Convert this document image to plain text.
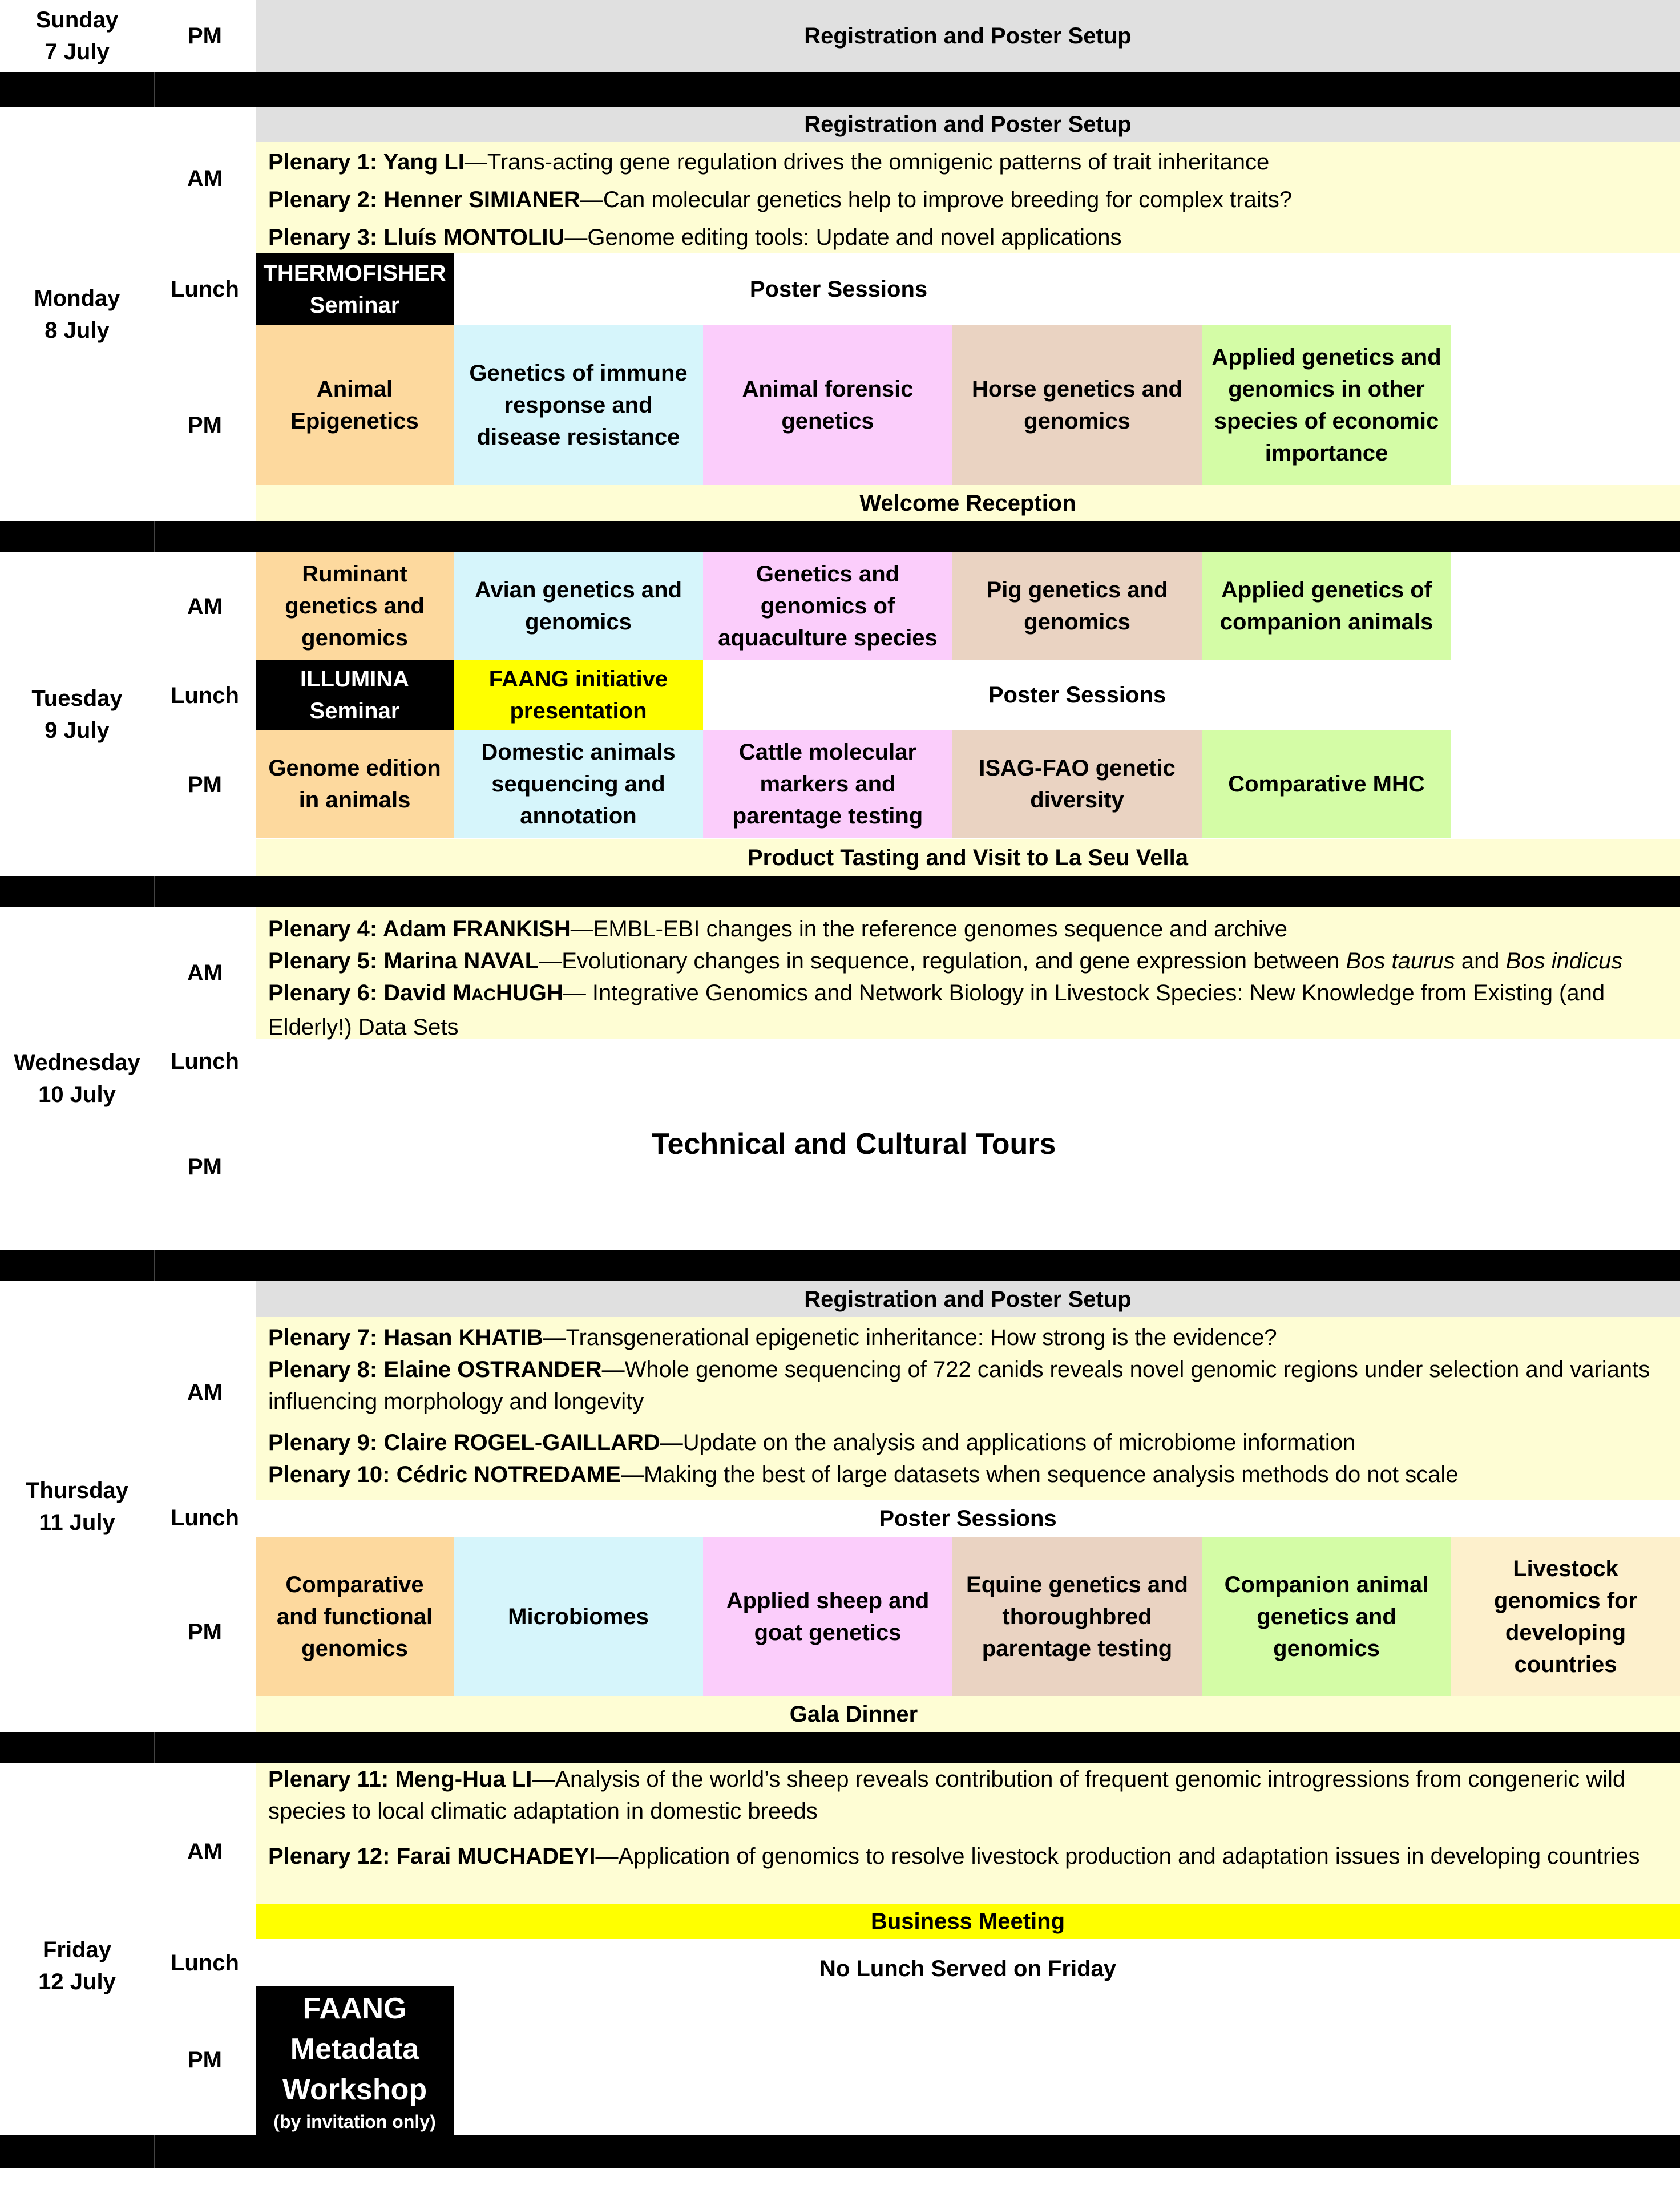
Sunday
7 July
PM	Registration and Poster Setup
Monday
8 July
AM
Lunch
PM
Registration and Poster Setup
Plenary 1: Yang LI—Trans-acting gene regulation drives the omnigenic patterns of trait inheritance
Plenary 2: Henner SIMIANER—Can molecular genetics help to improve breeding for complex traits?
Plenary 3: Lluís MONTOLIU—Genome editing tools: Update and novel applications
THERMOFISHER
Seminar
Poster Sessions
Animal Epigenetics
Genetics of immune response and disease resistance
Animal forensic genetics
Horse genetics and genomics
Applied genetics and genomics in other species of economic importance
Welcome Reception
Tuesday
9 July
AM
Lunch
PM
Ruminant genetics and genomics
Avian genetics and genomics
Genetics and genomics of aquaculture species
Pig genetics and genomics
Applied genetics of companion animals
ILLUMINA
Seminar
FAANG initiative presentation
Poster Sessions
Genome edition in animals
Domestic animals sequencing and annotation
Cattle molecular markers and parentage testing
ISAG-FAO genetic diversity
Comparative MHC
Product Tasting and Visit to La Seu Vella
Wednesday
10 July
AM
Lunch
PM
Plenary 4: Adam FRANKISH—EMBL-EBI changes in the reference genomes sequence and archive
Plenary 5: Marina NAVAL—Evolutionary changes in sequence, regulation, and gene expression between Bos taurus and Bos indicus
Plenary 6: David MACHUGH— Integrative Genomics and Network Biology in Livestock Species: New Knowledge from Existing (and Elderly!) Data Sets
Technical and Cultural Tours
Thursday
11 July
AM
Lunch
PM
Registration and Poster Setup
Plenary 7: Hasan KHATIB—Transgenerational epigenetic inheritance: How strong is the evidence?
Plenary 8: Elaine OSTRANDER—Whole genome sequencing of 722 canids reveals novel genomic regions under selection and variants influencing morphology and longevity
Plenary 9: Claire ROGEL-GAILLARD—Update on the analysis and applications of microbiome information
Plenary 10: Cédric NOTREDAME—Making the best of large datasets when sequence analysis methods do not scale
Poster Sessions
Comparative and functional genomics
Microbiomes
Applied sheep and goat genetics
Equine genetics and thoroughbred parentage testing
Companion animal genetics and genomics
Livestock genomics for developing countries
Gala Dinner
Friday
12 July
AM
Lunch
PM
Plenary 11: Meng-Hua LI—Analysis of the world’s sheep reveals contribution of frequent genomic introgressions from congeneric wild species to local climatic adaptation in domestic breeds
Plenary 12: Farai MUCHADEYI—Application of genomics to resolve livestock production and adaptation issues in developing countries
Business Meeting
No Lunch Served on Friday
FAANG Metadata Workshop
(by invitation only)
